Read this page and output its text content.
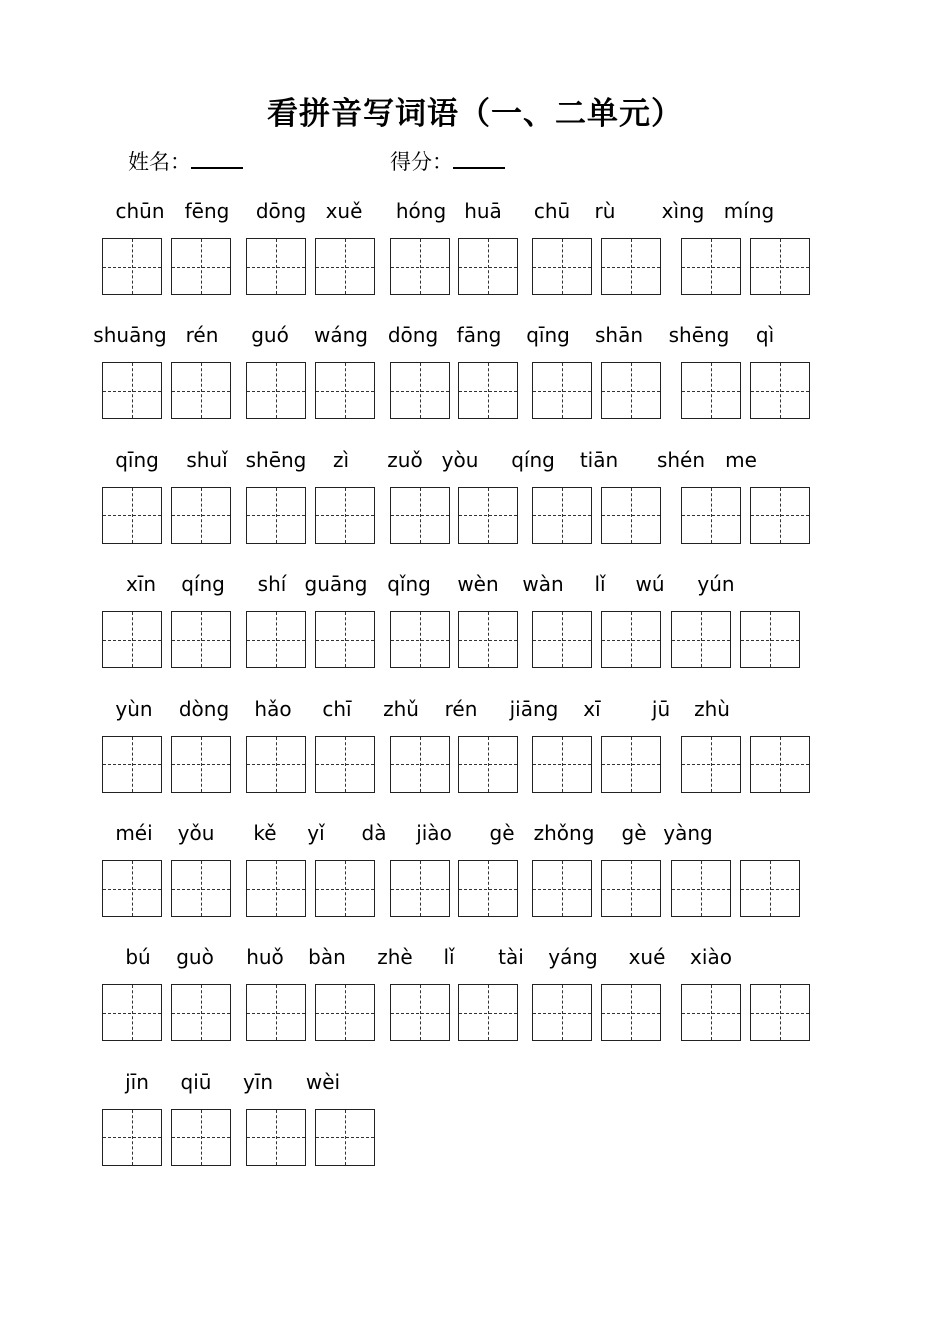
看拼音写词语（一、二单元）
姓名：	得分：
chūn fēng dōng xuě hóng huā chū rù xìng míng
shuāng rén guó wáng dōng fāng qīng shān shēng qì
qīng shuǐ shēng zì zuǒ yòu qíng tiān shén me
xīn qíng shí guāng qǐng wèn wàn lǐ wú yún
yùn dòng hǎo chī zhǔ rén jiāng xī	jū zhù
méi yǒu kě yǐ dà jiào gè zhǒng gè yàng
bú guò huǒ bàn zhè lǐ tài yáng xué xiào
jīn qiū yīn wèi
